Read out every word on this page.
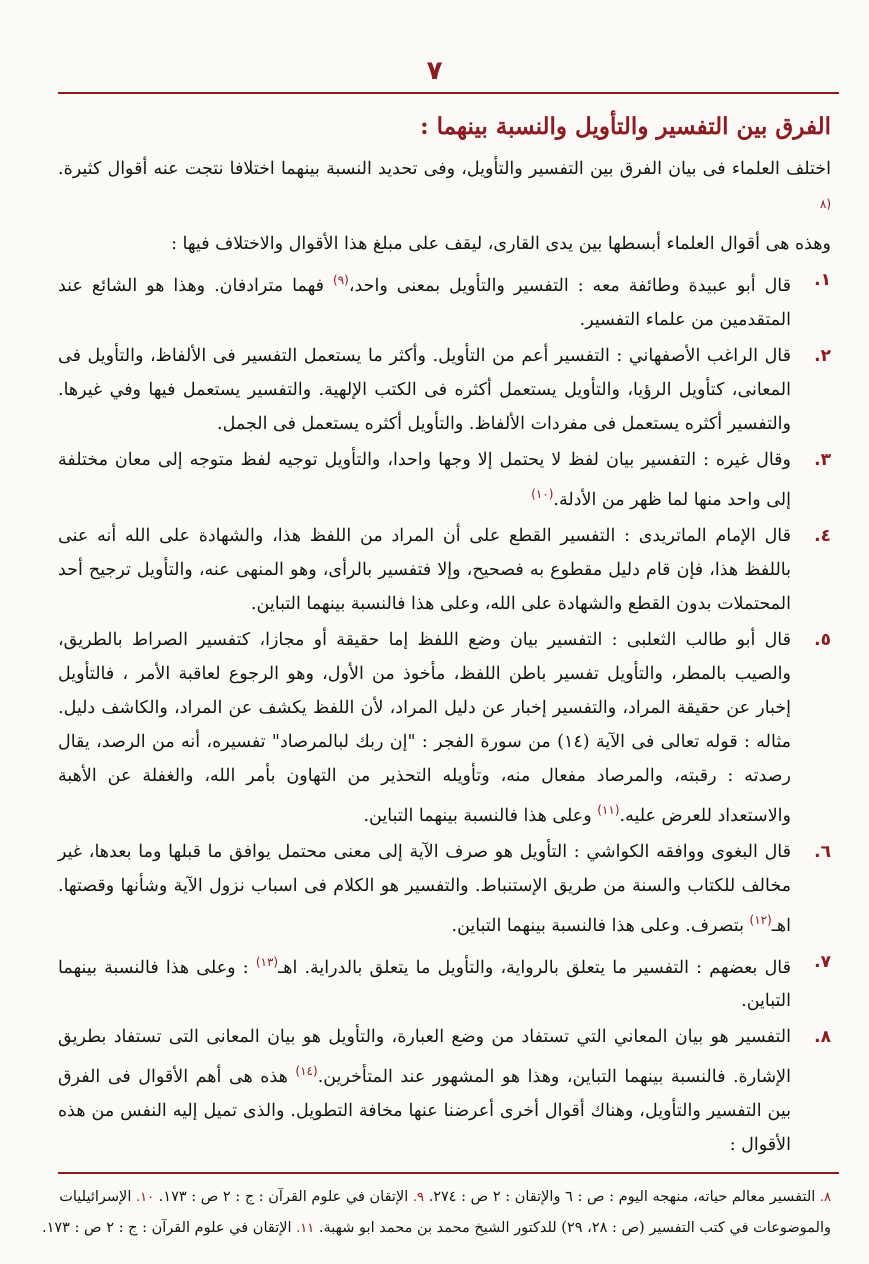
٧
الفرق بين التفسير والتأويل والنسبة بينهما :

اختلف العلماء فى بيان الفرق بين التفسير والتأويل، وفى تحديد النسبة بينهما اختلافا نتجت عنه أقوال كثيرة.$^{(٨}$

وهذه هى أقوال العلماء أبسطها بين يدى القارى، ليقف على مبلغ هذا الأقوال والاختلاف فيها :

١.
قال أبو عبيدة وطائفة معه : التفسير والتأويل بمعنى واحد،$^{(٩)}$ فهما مترادفان. وهذا هو الشائع عند المتقدمين من علماء التفسير.
٢.
قال الراغب الأصفهاني : التفسير أعم من التأويل. وأكثر ما يستعمل التفسير فى الألفاظ، والتأويل فى المعانى، كتأويل الرؤيا، والتأويل يستعمل أكثره فى الكتب الإلهية. والتفسير يستعمل فيها وفي غيرها. والتفسير أكثره يستعمل فى مفردات الألفاظ. والتأويل أكثره يستعمل فى الجمل.
٣.
وقال غيره : التفسير بيان لفظ لا يحتمل إلا وجها واحدا، والتأويل توجيه لفظ متوجه إلى معان مختلفة إلى واحد منها لما ظهر من الأدلة.$^{(١٠)}$
٤.
قال الإمام الماتريدى : التفسير القطع على أن المراد من اللفظ هذا، والشهادة على الله أنه عنى باللفظ هذا، فإن قام دليل مقطوع به فصحيح، وإلا فتفسير بالرأى، وهو المنهى عنه، والتأويل ترجيح أحد المحتملات بدون القطع والشهادة على الله، وعلى هذا فالنسبة بينهما التباين.
٥.
قال أبو طالب الثعلبى : التفسير بيان وضع اللفظ إما حقيقة أو مجازا، كتفسير الصراط بالطريق، والصيب بالمطر، والتأويل تفسير باطن اللفظ، مأخوذ من الأول، وهو الرجوع لعاقبة الأمر ، فالتأويل إخبار عن حقيقة المراد، والتفسير إخبار عن دليل المراد، لأن اللفظ يكشف عن المراد، والكاشف دليل. مثاله : قوله تعالى فى الآية (١٤) من سورة الفجر : "إن ربك لبالمرصاد" تفسيره، أنه من الرصد، يقال رصدته : رقبته، والمرصاد مفعال منه، وتأويله التحذير من التهاون بأمر الله، والغفلة عن الأهبة والاستعداد للعرض عليه.$^{(١١)}$ وعلى هذا فالنسبة بينهما التباين.
٦.
قال البغوى ووافقه الكواشي : التأويل هو صرف الآية إلى معنى محتمل يوافق ما قبلها وما بعدها، غير مخالف للكتاب والسنة من طريق الإستنباط. والتفسير هو الكلام فى اسباب نزول الآية وشأنها وقصتها. اهـ$^{(١٢)}$ بتصرف. وعلى هذا فالنسبة بينهما التباين.
٧.
قال بعضهم : التفسير ما يتعلق بالرواية، والتأويل ما يتعلق بالدراية. اهـ$^{(١٣)}$ : وعلى هذا فالنسبة بينهما التباين.
٨.
التفسير هو بيان المعاني التي تستفاد من وضع العبارة، والتأويل هو بيان المعانى التى تستفاد بطريق الإشارة. فالنسبة بينهما التباين، وهذا هو المشهور عند المتأخرين.$^{(١٤)}$ هذه هى أهم الأقوال فى الفرق بين التفسير والتأويل، وهناك أقوال أخرى أعرضنا عنها مخافة التطويل. والذى تميل إليه النفس من هذه الأقوال :

٨. التفسير معالم حياته، منهجه اليوم : ص : ٦ والإتقان : ٢ ص : ٢٧٤. ٩. الإتقان في علوم القرآن : ج : ٢ ص : ١٧٣. ١٠. الإسرائيليات

والموضوعات في كتب التفسير (ص : ٢٨، ٢٩) للدكتور الشيخ محمد بن محمد ابو شهبة. ١١. الإتقان في علوم القرآن : ج : ٢ ص : ١٧٣.
